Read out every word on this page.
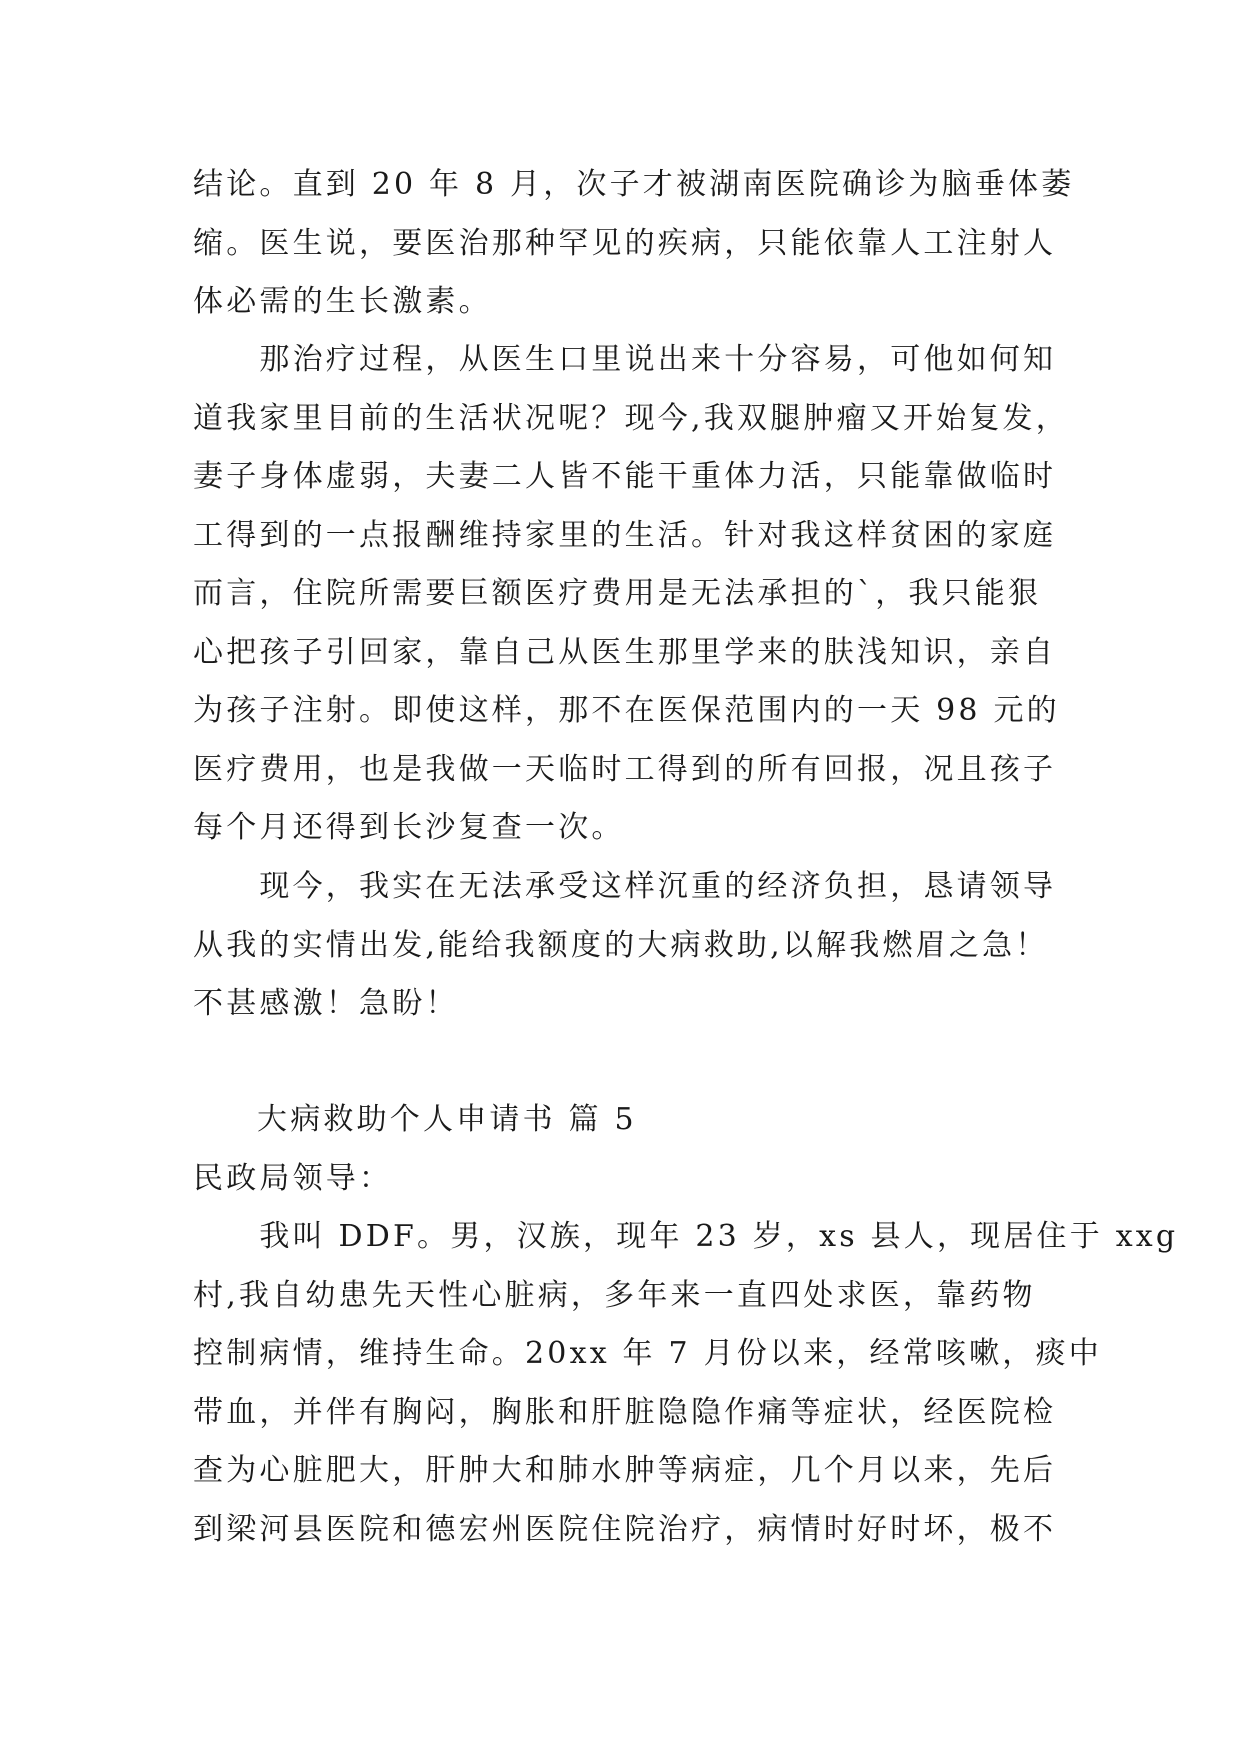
结论。直到 20 年 8 月，次子才被湖南医院确诊为脑垂体萎
缩。医生说，要医治那种罕见的疾病，只能依靠人工注射人
体必需的生长激素。
　　那治疗过程，从医生口里说出来十分容易，可他如何知
道我家里目前的生活状况呢？现今,我双腿肿瘤又开始复发，
妻子身体虚弱，夫妻二人皆不能干重体力活，只能靠做临时
工得到的一点报酬维持家里的生活。针对我这样贫困的家庭
而言，住院所需要巨额医疗费用是无法承担的`，我只能狠
心把孩子引回家，靠自己从医生那里学来的肤浅知识，亲自
为孩子注射。即使这样，那不在医保范围内的一天 98 元的
医疗费用，也是我做一天临时工得到的所有回报，况且孩子
每个月还得到长沙复查一次。
　　现今，我实在无法承受这样沉重的经济负担，恳请领导
从我的实情出发,能给我额度的大病救助,以解我燃眉之急！
不甚感激！急盼！
大病救助个人申请书 篇 5
民政局领导：
　　我叫 DDF。男，汉族，现年 23 岁，xs 县人，现居住于 xxg
村,我自幼患先天性心脏病，多年来一直四处求医，靠药物
控制病情，维持生命。20xx 年 7 月份以来，经常咳嗽，痰中
带血，并伴有胸闷，胸胀和肝脏隐隐作痛等症状，经医院检
查为心脏肥大，肝肿大和肺水肿等病症，几个月以来，先后
到梁河县医院和德宏州医院住院治疗，病情时好时坏，极不
